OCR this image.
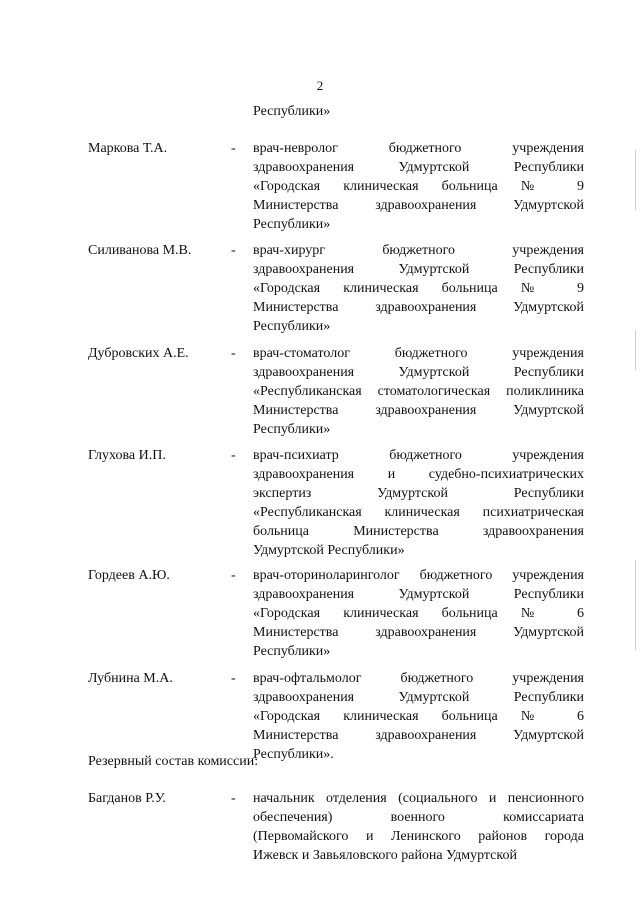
2
Республики»
Маркова Т.А.	- врач-невролог бюджетного учреждения
здравоохранения Удмуртской Республики
«Городская клиническая больница № 9
Министерства здравоохранения Удмуртской
Республики»
Силиванова М.В.	- врач-хирург бюджетного учреждения
здравоохранения Удмуртской Республики
«Городская клиническая больница № 9
Министерства здравоохранения Удмуртской
Республики»
Дубровских А.Е.	- врач-стоматолог бюджетного учреждения
здравоохранения Удмуртской Республики
«Республиканская стоматологическая поликлиника
Министерства здравоохранения Удмуртской
Республики»
Глухова И.П.	- врач-психиатр бюджетного учреждения
здравоохранения и судебно-психиатрических
экспертиз Удмуртской Республики
«Республиканская клиническая психиатрическая
больница Министерства здравоохранения
Удмуртской Республики»
Гордеев А.Ю.	- врач-оториноларинголог бюджетного учреждения
здравоохранения Удмуртской Республики
«Городская клиническая больница № 6
Министерства здравоохранения Удмуртской
Республики»
Лубнина М.А.	- врач-офтальмолог бюджетного учреждения
здравоохранения Удмуртской Республики
«Городская клиническая больница № 6
Министерства здравоохранения Удмуртской
Республики».
Резервный состав комиссии:
Багданов Р.У.	- начальник отделения (социального и пенсионного
обеспечения) военного комиссариата
(Первомайского и Ленинского районов города
Ижевск и Завьяловского района Удмуртской
